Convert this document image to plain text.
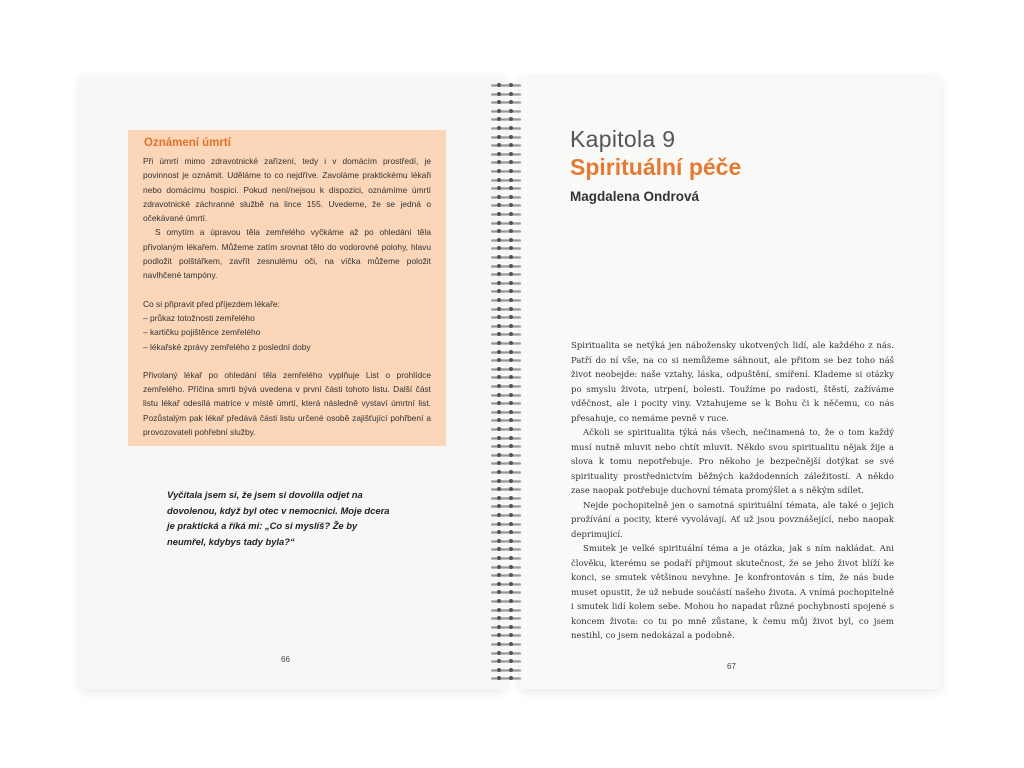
Oznámení úmrtí

Při úmrtí mimo zdravotnické zařízení, tedy i v domácím prostředí, je povinnost je oznámit. Uděláme to co nejdříve. Zavoláme praktickému lékaři nebo domácímu hospici. Pokud není/nejsou k dispozici, oznámíme úmrtí zdravotnické záchranné službě na lince 155. Uvedeme, že se jedná o očekávané úmrtí.

S omytím a úpravou těla zemřelého vyčkáme až po ohledání těla přivolaným lékařem. Můžeme zatím srovnat tělo do vodorovné polohy, hlavu podložit polštářkem, zavřít zesnulému oči, na víčka můžeme položit navlhčené tampóny.

Co si připravit před příjezdem lékaře:

– průkaz totožnosti zemřelého

– kartičku pojištěnce zemřelého

– lékařské zprávy zemřelého z poslední doby

Přivolaný lékař po ohledání těla zemřelého vyplňuje List o prohlídce zemřelého. Příčina smrti bývá uvedena v první části tohoto listu. Další část listu lékař odesílá matrice v místě úmrtí, která následně vystaví úmrtní list. Pozůstalým pak lékař předává části listu určené osobě zajišťující pohřbení a provozovateli pohřební služby.

Vyčítala jsem si, že jsem si dovolila odjet na dovolenou, když byl otec v nemocnici. Moje dcera je praktická a říká mi: „Co si myslíš? Že by neumřel, kdybys tady byla?“
66
Kapitola 9
Spirituální péče
Magdalena Ondrová

Spiritualita se netýká jen nábožensky ukotvených lidí, ale každého z nás. Patří do ní vše, na co si nemůžeme sáhnout, ale přitom se bez toho náš život neobejde: naše vztahy, láska, odpuštění, smíření. Klademe si otázky po smyslu života, utrpení, bolesti. Toužíme po radosti, štěstí, zažíváme vděčnost, ale i pocity viny. Vztahujeme se k Bohu či k něčemu, co nás přesahuje, co nemáme pevně v ruce.

Ačkoli se spiritualita týká nás všech, nečinamená to, že o tom každý musí nutně mluvit nebo chtít mluvit. Někdo svou spiritualitu nějak žije a slova k tomu nepotřebuje. Pro někoho je bezpečnější dotýkat se své spirituality prostřednictvím běžných každodenních záležitostí. A někdo zase naopak potřebuje duchovní témata promýšlet a s někým sdílet.

Nejde pochopitelně jen o samotná spirituální témata, ale také o jejich prožívání a pocity, které vyvolávají. Ať už jsou povznášející, nebo naopak deprimující.

Smutek je velké spirituální téma a je otázka, jak s ním nakládat. Ani člověku, kterému se podaří přijmout skutečnost, že se jeho život blíží ke konci, se smutek většinou nevyhne. Je konfrontován s tím, že nás bude muset opustit, že už nebude součástí našeho života. A vnímá pochopitelně i smutek lidí kolem sebe. Mohou ho napadat různé pochybnosti spojené s koncem života: co tu po mně zůstane, k čemu můj život byl, co jsem nestihl, co jsem nedokázal a podobně.

67
